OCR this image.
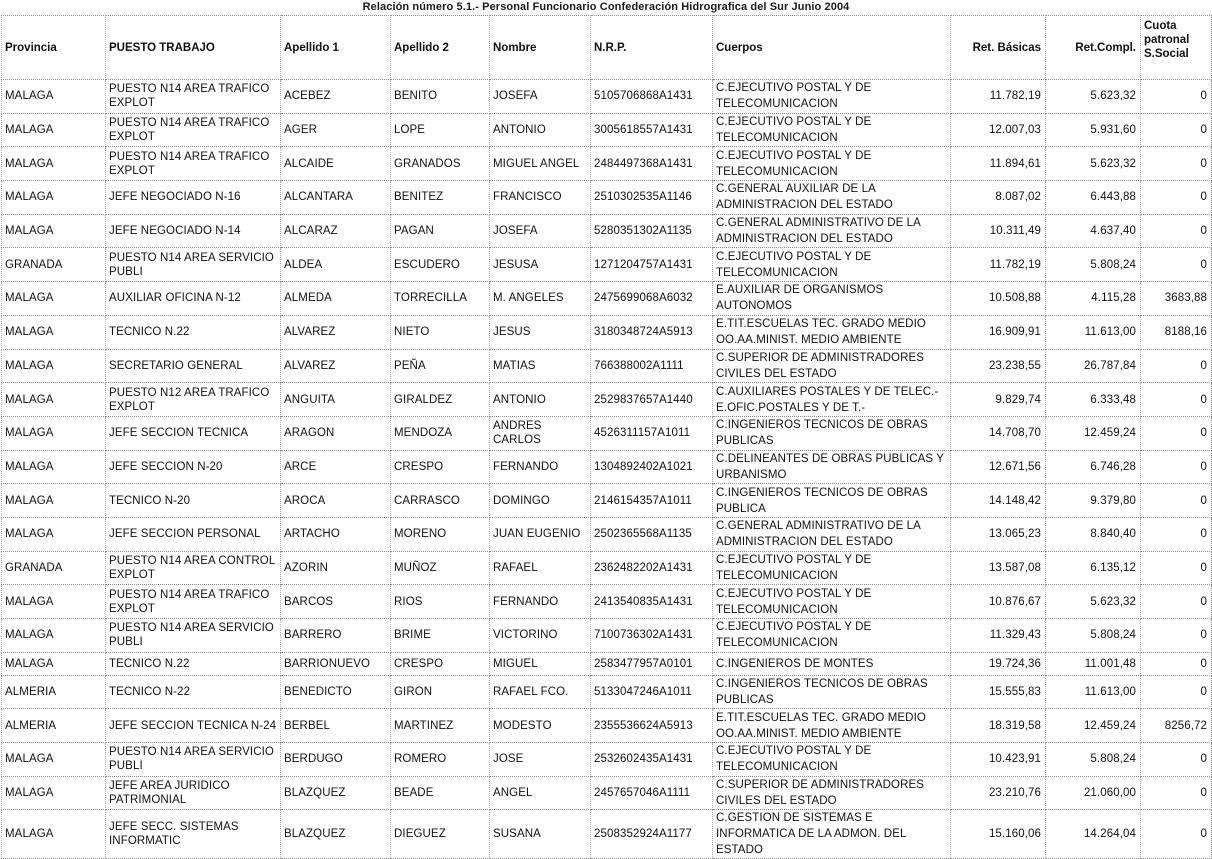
Relación número 5.1.- Personal Funcionario Confederación Hidrografica del Sur Junio 2004
Provincia	PUESTO TRABAJO	Apellido 1	Apellido 2	Nombre	N.R.P.	Cuerpos	Ret. Básicas	Ret.Compl.	Cuota
patronal
S.Social
MALAGA	PUESTO N14 AREA TRAFICO EXPLOT	ACEBEZ	BENITO	JOSEFA	5105706868A1431	C.EJECUTIVO POSTAL Y DE TELECOMUNICACION	11.782,19	5.623,32	0
MALAGA	PUESTO N14 AREA TRAFICO EXPLOT	AGER	LOPE	ANTONIO	3005618557A1431	C.EJECUTIVO POSTAL Y DE TELECOMUNICACION	12.007,03	5.931,60	0
MALAGA	PUESTO N14 AREA TRAFICO EXPLOT	ALCAIDE	GRANADOS	MIGUEL ANGEL	2484497368A1431	C.EJECUTIVO POSTAL Y DE TELECOMUNICACION	11.894,61	5.623,32	0
MALAGA	JEFE NEGOCIADO N-16	ALCANTARA	BENITEZ	FRANCISCO	2510302535A1146	C.GENERAL AUXILIAR DE LA ADMINISTRACION DEL ESTADO	8.087,02	6.443,88	0
MALAGA	JEFE NEGOCIADO N-14	ALCARAZ	PAGAN	JOSEFA	5280351302A1135	C.GENERAL ADMINISTRATIVO DE LA ADMINISTRACION DEL ESTADO	10.311,49	4.637,40	0
GRANADA	PUESTO N14 AREA SERVICIO PUBLI	ALDEA	ESCUDERO	JESUSA	1271204757A1431	C.EJECUTIVO POSTAL Y DE TELECOMUNICACION	11.782,19	5.808,24	0
MALAGA	AUXILIAR OFICINA N-12	ALMEDA	TORRECILLA	M. ANGELES	2475699068A6032	E.AUXILIAR DE ORGANISMOS AUTONOMOS	10.508,88	4.115,28	3683,88
MALAGA	TECNICO N.22	ALVAREZ	NIETO	JESUS	3180348724A5913	E.TIT.ESCUELAS TEC. GRADO MEDIO OO.AA.MINIST. MEDIO AMBIENTE	16.909,91	11.613,00	8188,16
MALAGA	SECRETARIO GENERAL	ALVAREZ	PEÑA	MATIAS	766388002A1111	C.SUPERIOR DE ADMINISTRADORES CIVILES DEL ESTADO	23.238,55	26.787,84	0
MALAGA	PUESTO N12 AREA TRAFICO EXPLOT	ANGUITA	GIRALDEZ	ANTONIO	2529837657A1440	C.AUXILIARES POSTALES Y DE TELEC.-E.OFIC.POSTALES Y DE T.-	9.829,74	6.333,48	0
MALAGA	JEFE SECCION TECNICA	ARAGON	MENDOZA	ANDRES CARLOS	4526311157A1011	C.INGENIEROS TECNICOS DE OBRAS PUBLICAS	14.708,70	12.459,24	0
MALAGA	JEFE SECCION N-20	ARCE	CRESPO	FERNANDO	1304892402A1021	C.DELINEANTES DE OBRAS PUBLICAS Y URBANISMO	12.671,56	6.746,28	0
MALAGA	TECNICO N-20	AROCA	CARRASCO	DOMINGO	2146154357A1011	C.INGENIEROS TECNICOS DE OBRAS PUBLICA	14.148,42	9.379,80	0
MALAGA	JEFE SECCION PERSONAL	ARTACHO	MORENO	JUAN EUGENIO	2502365568A1135	C.GENERAL ADMINISTRATIVO DE LA ADMINISTRACION DEL ESTADO	13.065,23	8.840,40	0
GRANADA	PUESTO N14 AREA CONTROL EXPLOT	AZORIN	MUÑOZ	RAFAEL	2362482202A1431	C.EJECUTIVO POSTAL Y DE TELECOMUNICACION	13.587,08	6.135,12	0
MALAGA	PUESTO N14 AREA TRAFICO EXPLOT	BARCOS	RIOS	FERNANDO	2413540835A1431	C.EJECUTIVO POSTAL Y DE TELECOMUNICACION	10.876,67	5.623,32	0
MALAGA	PUESTO N14 AREA SERVICIO PUBLI	BARRERO	BRIME	VICTORINO	7100736302A1431	C.EJECUTIVO POSTAL Y DE TELECOMUNICACION	11.329,43	5.808,24	0
MALAGA	TECNICO N.22	BARRIONUEVO	CRESPO	MIGUEL	2583477957A0101	C.INGENIEROS DE MONTES	19.724,36	11.001,48	0
ALMERIA	TECNICO N-22	BENEDICTO	GIRON	RAFAEL FCO.	5133047246A1011	C.INGENIEROS TECNICOS DE OBRAS PUBLICAS	15.555,83	11.613,00	0
ALMERIA	JEFE SECCION TECNICA N-24	BERBEL	MARTINEZ	MODESTO	2355536624A5913	E.TIT.ESCUELAS TEC. GRADO MEDIO OO.AA.MINIST. MEDIO AMBIENTE	18.319,58	12.459,24	8256,72
MALAGA	PUESTO N14 AREA SERVICIO PUBLI	BERDUGO	ROMERO	JOSE	2532602435A1431	C.EJECUTIVO POSTAL Y DE TELECOMUNICACION	10.423,91	5.808,24	0
MALAGA	JEFE AREA JURIDICO PATRIMONIAL	BLAZQUEZ	BEADE	ANGEL	2457657046A1111	C.SUPERIOR DE ADMINISTRADORES CIVILES DEL ESTADO	23.210,76	21.060,00	0
MALAGA	JEFE SECC. SISTEMAS INFORMATIC	BLAZQUEZ	DIEGUEZ	SUSANA	2508352924A1177	C.GESTION DE SISTEMAS E INFORMATICA DE LA ADMON. DEL ESTADO	15.160,06	14.264,04	0
